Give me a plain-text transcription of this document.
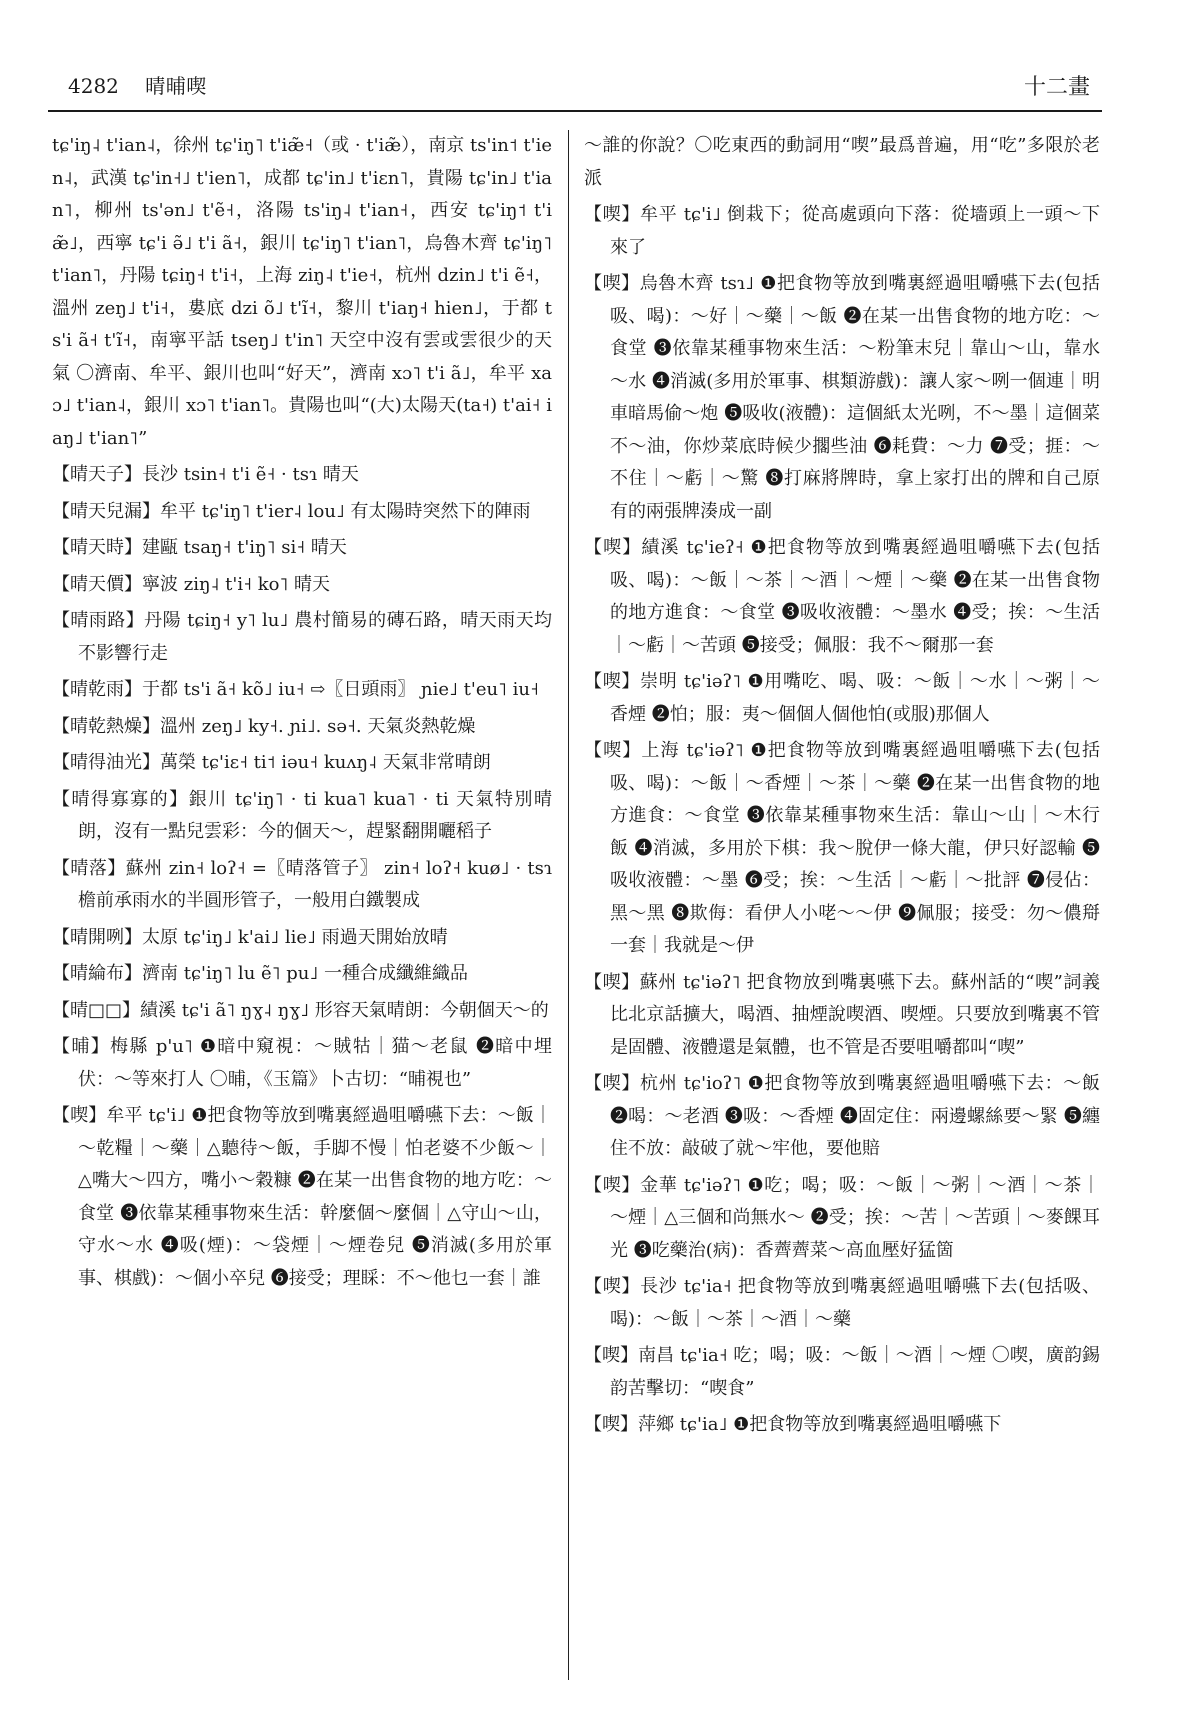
4282 晴晡喫	十二畫

tɕ'iŋ˨ t'ian˨，徐州 tɕ'iŋ˥ t'iæ̃˧（或 · t'iæ̃），南京 ts'in˦ t'ien˨，武漢 tɕ'in˧˩ t'ien˥，成都 tɕ'in˩ t'iɛn˥，貴陽 tɕ'in˩ t'ian˥，柳州 ts'ən˩ t'ẽ˧，洛陽 ts'iŋ˨ t'ian˧，西安 tɕ'iŋ˦ t'iæ̃˩，西寧 tɕ'i ə̃˩ t'i ã˧，銀川 tɕ'iŋ˥ t'ian˥，烏魯木齊 tɕ'iŋ˥ t'ian˥，丹陽 tɕiŋ˧ t'i˧，上海 ziŋ˨ t'ie˧，杭州 dzin˩ t'i ẽ˧，溫州 zeŋ˩ t'i˧，婁底 dzi õ˩ t'ĩ˧，黎川 t'iaŋ˧ hien˩，于都 ts'i ã˧ t'ĩ˧，南寧平話 tseŋ˩ t'in˥ 天空中沒有雲或雲很少的天氣 〇濟南、牟平、銀川也叫“好天”，濟南 xɔ˥ t'i ã˩，牟平 xaɔ˩ t'ian˨，銀川 xɔ˥ t'ian˥。貴陽也叫“(大)太陽天(ta˧) t'ai˧ iaŋ˩ t'ian˥”

【晴天子】長沙 tsin˧ t'i ẽ˧ · tsɿ 晴天

【晴天兒漏】牟平 tɕ'iŋ˥ t'ier˨ lou˩ 有太陽時突然下的陣雨

【晴天時】建甌 tsaŋ˧ t'iŋ˥ si˧ 晴天

【晴天價】寧波 ziŋ˨ t'i˧ ko˥ 晴天

【晴雨路】丹陽 tɕiŋ˧ y˥ lu˩ 農村簡易的磚石路，晴天雨天均不影響行走

【晴乾雨】于都 ts'i ã˧ kõ˩ iu˧ ⇨〖日頭雨〗 ɲie˩ t'eu˥ iu˧

【晴乾熱燥】溫州 zeŋ˩ ky˧. ɲi˩. sə˧. 天氣炎熱乾燥

【晴得油光】萬榮 tɕ'iɛ˧ ti˦ iəu˧ kuʌŋ˨ 天氣非常晴朗

【晴得寡寡的】銀川 tɕ'iŋ˥ · ti kua˥ kua˥ · ti 天氣特別晴朗，沒有一點兒雲彩：今的個天～，趕緊翻開曬稻子

【晴落】蘇州 zin˧ loʔ˧ =〖晴落管子〗 zin˧ loʔ˧ kuø˩ · tsɿ 檐前承雨水的半圓形管子，一般用白鐵製成

【晴開咧】太原 tɕ'iŋ˩ k'ai˩ lie˩ 雨過天開始放晴

【晴綸布】濟南 tɕ'iŋ˥ lu ẽ˥ pu˩ 一種合成纖維織品

【晴□□】績溪 tɕ'i ã˥ ŋɣ˨ ŋɣ˩ 形容天氣晴朗：今朝個天～的

【晡】梅縣 p'u˥ ❶暗中窺視：～賊牯｜猫～老鼠 ❷暗中埋伏：～等來打人 〇晡，《玉篇》卜古切：“晡視也”

【喫】牟平 tɕ'i˩ ❶把食物等放到嘴裏經過咀嚼嚥下去：～飯｜～乾糧｜～藥｜△聽待～飯，手脚不慢｜怕老婆不少飯～｜△嘴大～四方，嘴小～穀糠 ❷在某一出售食物的地方吃：～食堂 ❸依靠某種事物來生活：幹麼個～麼個｜△守山～山，守水～水 ❹吸(煙)：～袋煙｜～煙卷兒 ❺消滅(多用於軍事、棋戲)：～個小卒兒 ❻接受；理睬：不～他乜一套｜誰

～誰的你說？〇吃東西的動詞用“喫”最爲普遍，用“吃”多限於老派

【喫】牟平 tɕ'i˩ 倒栽下；從高處頭向下落：從墻頭上一頭～下來了

【喫】烏魯木齊 tsɿ˩ ❶把食物等放到嘴裏經過咀嚼嚥下去(包括吸、喝)：～好｜～藥｜～飯 ❷在某一出售食物的地方吃：～食堂 ❸依靠某種事物來生活：～粉筆末兒｜靠山～山，靠水～水 ❹消滅(多用於軍事、棋類游戲)：讓人家～咧一個連｜明車暗馬偷～炮 ❺吸收(液體)：這個紙太光咧，不～墨｜這個菜不～油，你炒菜底時候少擱些油 ❻耗費：～力 ❼受；捱：～不住｜～虧｜～驚 ❽打麻將牌時，拿上家打出的牌和自己原有的兩張牌湊成一副

【喫】績溪 tɕ'ieʔ˧ ❶把食物等放到嘴裏經過咀嚼嚥下去(包括吸、喝)：～飯｜～茶｜～酒｜～煙｜～藥 ❷在某一出售食物的地方進食：～食堂 ❸吸收液體：～墨水 ❹受；挨：～生活｜～虧｜～苦頭 ❺接受；佩服：我不～爾那一套

【喫】崇明 tɕ'iəʔ˥ ❶用嘴吃、喝、吸：～飯｜～水｜～粥｜～香煙 ❷怕；服：夷～個個人個他怕(或服)那個人

【喫】上海 tɕ'iəʔ˥ ❶把食物等放到嘴裏經過咀嚼嚥下去(包括吸、喝)：～飯｜～香煙｜～茶｜～藥 ❷在某一出售食物的地方進食：～食堂 ❸依靠某種事物來生活：靠山～山｜～木行飯 ❹消滅，多用於下棋：我～脫伊一條大龍，伊只好認輸 ❺吸收液體：～墨 ❻受；挨：～生活｜～虧｜～批評 ❼侵佔：黑～黑 ❽欺侮：看伊人小咾～～伊 ❾佩服；接受：勿～儂搿一套｜我就是～伊

【喫】蘇州 tɕ'iəʔ˥ 把食物放到嘴裏嚥下去。蘇州話的“喫”詞義比北京話擴大，喝酒、抽煙說喫酒、喫煙。只要放到嘴裏不管是固體、液體還是氣體，也不管是否要咀嚼都叫“喫”

【喫】杭州 tɕ'ioʔ˥ ❶把食物等放到嘴裏經過咀嚼嚥下去：～飯 ❷喝：～老酒 ❸吸：～香煙 ❹固定住：兩邊螺絲要～緊 ❺纏住不放：敲破了就～牢他，要他賠

【喫】金華 tɕ'iəʔ˥ ❶吃；喝；吸：～飯｜～粥｜～酒｜～茶｜～煙｜△三個和尚無水～ ❷受；挨：～苦｜～苦頭｜～麥餜耳光 ❸吃藥治(病)：香薺薺菜～高血壓好猛箇

【喫】長沙 tɕ'ia˧ 把食物等放到嘴裏經過咀嚼嚥下去(包括吸、喝)：～飯｜～茶｜～酒｜～藥

【喫】南昌 tɕ'ia˧ 吃；喝；吸：～飯｜～酒｜～煙 〇喫，廣韵錫韵苦擊切：“喫食”

【喫】萍鄉 tɕ'ia˩ ❶把食物等放到嘴裏經過咀嚼嚥下
